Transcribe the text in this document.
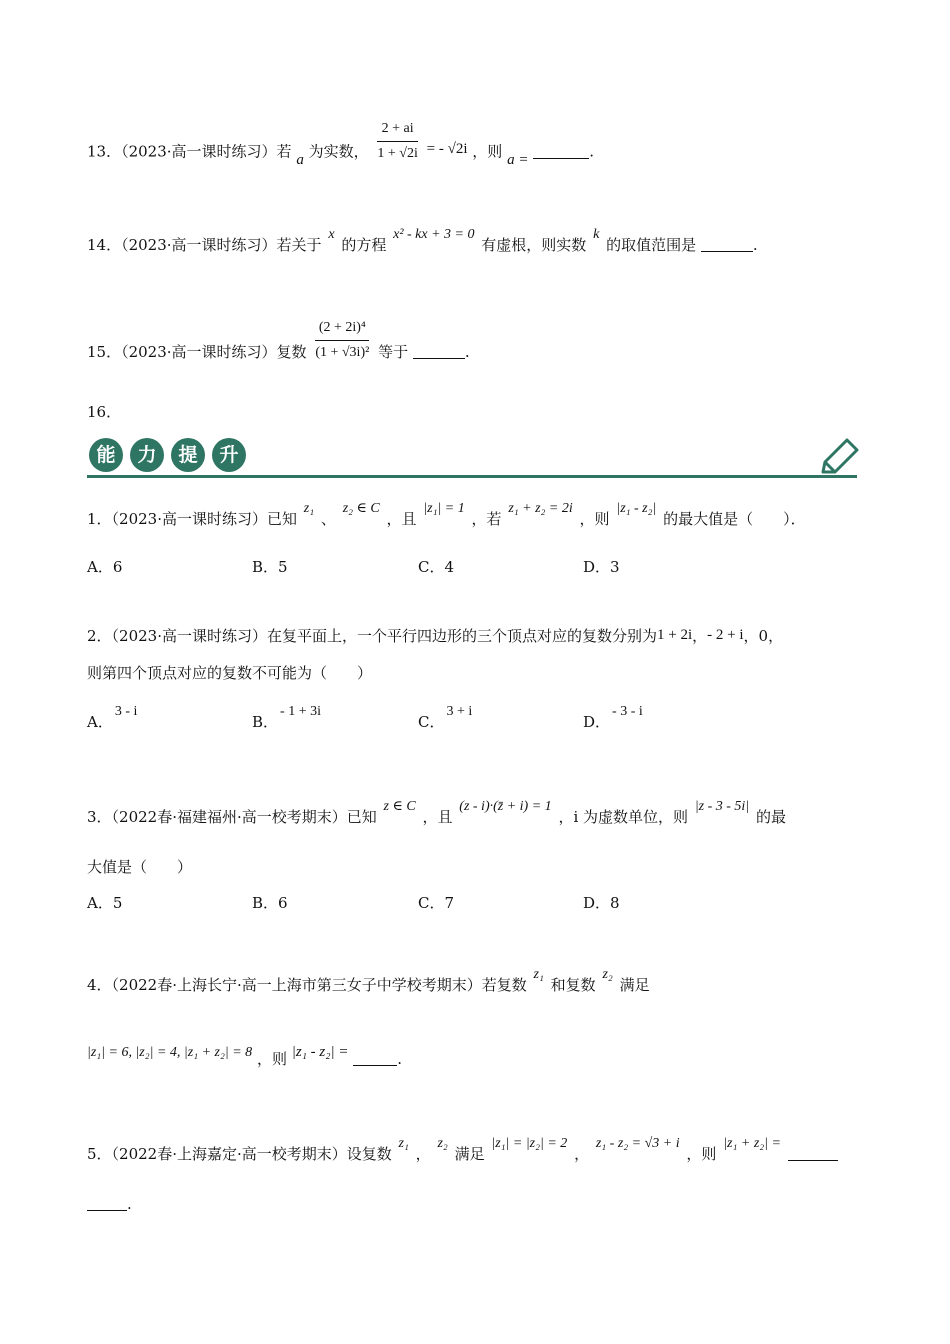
13．（2023·高一课时练习）若 a 为实数， $\frac{2 + ai}{1 + √2i}$ = - √2i ，则 a =	.
14．（2023·高一课时练习）若关于 x 的方程 x² - kx + 3 = 0 有虚根，则实数 k 的取值范围是	.
15．（2023·高一课时练习）复数 $\frac{\text{(2 + 2i)⁴}}{\text{(1 + √3i)²}}$ 等于	.
16．
能	力	提	升
1．（2023·高一课时练习）已知 z₁ 、 z₂ ∈ C ，且 |z₁| = 1 ，若 z₁ + z₂ = 2i ，则 |z₁ - z₂| 的最大值是（　　）．
A．6	B．5	C．4	D．3
2．（2023·高一课时练习）在复平面上，一个平行四边形的三个顶点对应的复数分别为1 + 2i，- 2 + i，0，
则第四个顶点对应的复数不可能为（　　）
A．3 - i
B．- 1 + 3i
C．3 + i
D．- 3 - i
3．（2022春·福建福州·高一校考期末）已知 z ∈ C ，且 (z - i)·(z̄ + i) = 1 ，i 为虚数单位，则 |z - 3 - 5i| 的最
大值是（　　）
A．5	B．6	C．7	D．8
4．（2022春·上海长宁·高一上海市第三女子中学校考期末）若复数 z₁ 和复数 z₂ 满足
|z₁| = 6, |z₂| = 4, |z₁ + z₂| = 8 ，则 |z₁ - z₂| =	.
5．（2022春·上海嘉定·高一校考期末）设复数 z₁ ， z₂ 满足 |z₁| = |z₂| = 2 ， z₁ - z₂ = √3 + i ，则 |z₁ + z₂| =
.
